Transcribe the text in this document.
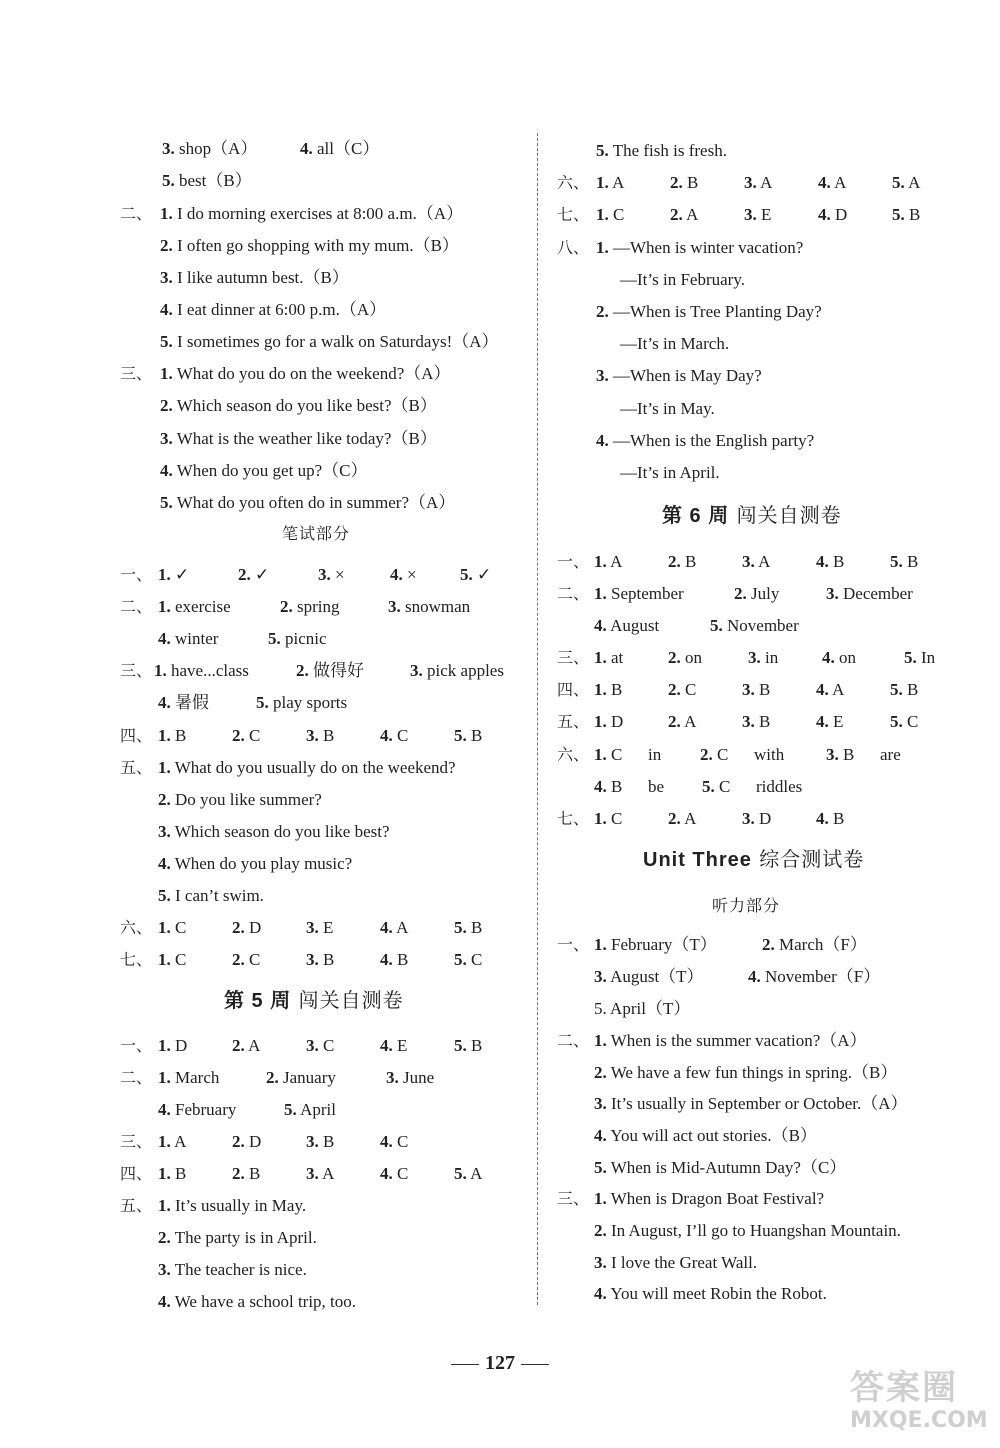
3. shop（A）	4. all（C）
5. best（B）
二、 1. I do morning exercises at 8:00 a.m.（A）
2. I often go shopping with my mum.（B）
3. I like autumn best.（B）
4. I eat dinner at 6:00 p.m.（A）
5. I sometimes go for a walk on Saturdays!（A）
三、 1. What do you do on the weekend?（A）
2. Which season do you like best?（B）
3. What is the weather like today?（B）
4. When do you get up?（C）
5. What do you often do in summer?（A）
一、 1. ✓	2. ✓	3. ×	4. ×	5. ✓
二、 1. exercise	2. spring	3. snowman
4. winter	5. picnic
三、 1. have...class	2. 做得好	3. pick apples
4. 暑假	5. play sports
四、 1. B	2. C	3. B	4. C	5. B
五、 1. What do you usually do on the weekend?
2. Do you like summer?
3. Which season do you like best?
4. When do you play music?
5. I can’t swim.
六、 1. C	2. D	3. E	4. A	5. B
七、 1. C	2. C	3. B	4. B	5. C
一、 1. D	2. A	3. C	4. E	5. B
二、 1. March	2. January	3. June
4. February	5. April
三、 1. A	2. D	3. B	4. C
四、 1. B	2. B	3. A	4. C	5. A
五、 1. It’s usually in May.
2. The party is in April.
3. The teacher is nice.
4. We have a school trip, too.
5. The fish is fresh.
六、 1. A	2. B	3. A	4. A	5. A
七、 1. C	2. A	3. E	4. D	5. B
八、 1. —When is winter vacation?
—It’s in February.
2. —When is Tree Planting Day?
—It’s in March.
3. —When is May Day?
—It’s in May.
4. —When is the English party?
—It’s in April.
一、 1. A	2. B	3. A	4. B	5. B
二、 1. September	2. July	3. December
4. August	5. November
三、 1. at	2. on	3. in	4. on	5. In
四、 1. B	2. C	3. B	4. A	5. B
五、 1. D	2. A	3. B	4. E	5. C
六、 1. C in 2. C with 3. B are
4. B be 5. C riddles
七、 1. C	2. A	3. D	4. B
一、 1. February（T）	2. March（F）
3. August（T）	4. November（F）
5. April（T）
二、 1. When is the summer vacation?（A）
2. We have a few fun things in spring.（B）
3. It’s usually in September or October.（A）
4. You will act out stories.（B）
5. When is Mid-Autumn Day?（C）
三、 1. When is Dragon Boat Festival?
2. In August, I’ll go to Huangshan Mountain.
3. I love the Great Wall.
4. You will meet Robin the Robot.
127
答案圈
MXQE.COM
笔试部分
第 5 周 闯关自测卷
第 6 周 闯关自测卷
Unit Three 综合测试卷
听力部分
